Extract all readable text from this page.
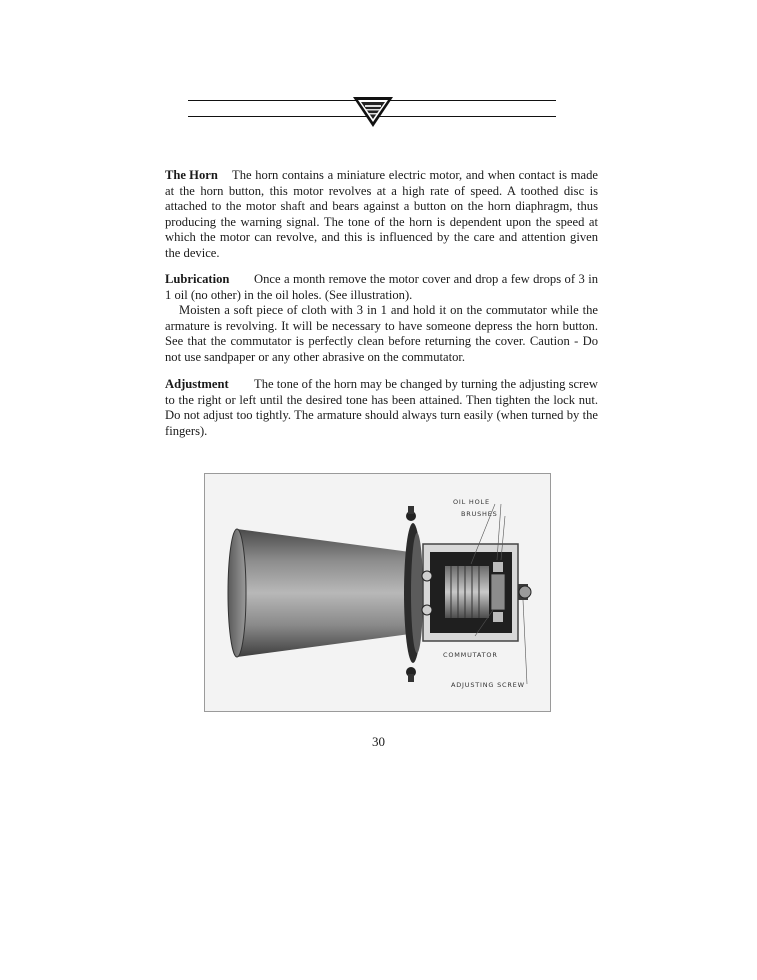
The Horn The horn contains a miniature electric motor, and when contact is made at the horn button, this motor revolves at a high rate of speed. A toothed disc is attached to the motor shaft and bears against a button on the horn diaphragm, thus producing the warning signal. The tone of the horn is dependent upon the speed at which the motor can revolve, and this is influenced by the care and attention given the device.

Lubrication Once a month remove the motor cover and drop a few drops of 3 in 1 oil (no other) in the oil holes. (See illustration).

Moisten a soft piece of cloth with 3 in 1 and hold it on the commutator while the armature is revolving. It will be necessary to have someone depress the horn button. See that the commutator is perfectly clean before returning the cover. Caution - Do not use sandpaper or any other abrasive on the commutator.

Adjustment The tone of the horn may be changed by turning the adjusting screw to the right or left until the desired tone has been attained. Then tighten the lock nut. Do not adjust too tightly. The armature should always turn easily (when turned by the fingers).

OIL HOLE
BRUSHES
COMMUTATOR
ADJUSTING SCREW
30
